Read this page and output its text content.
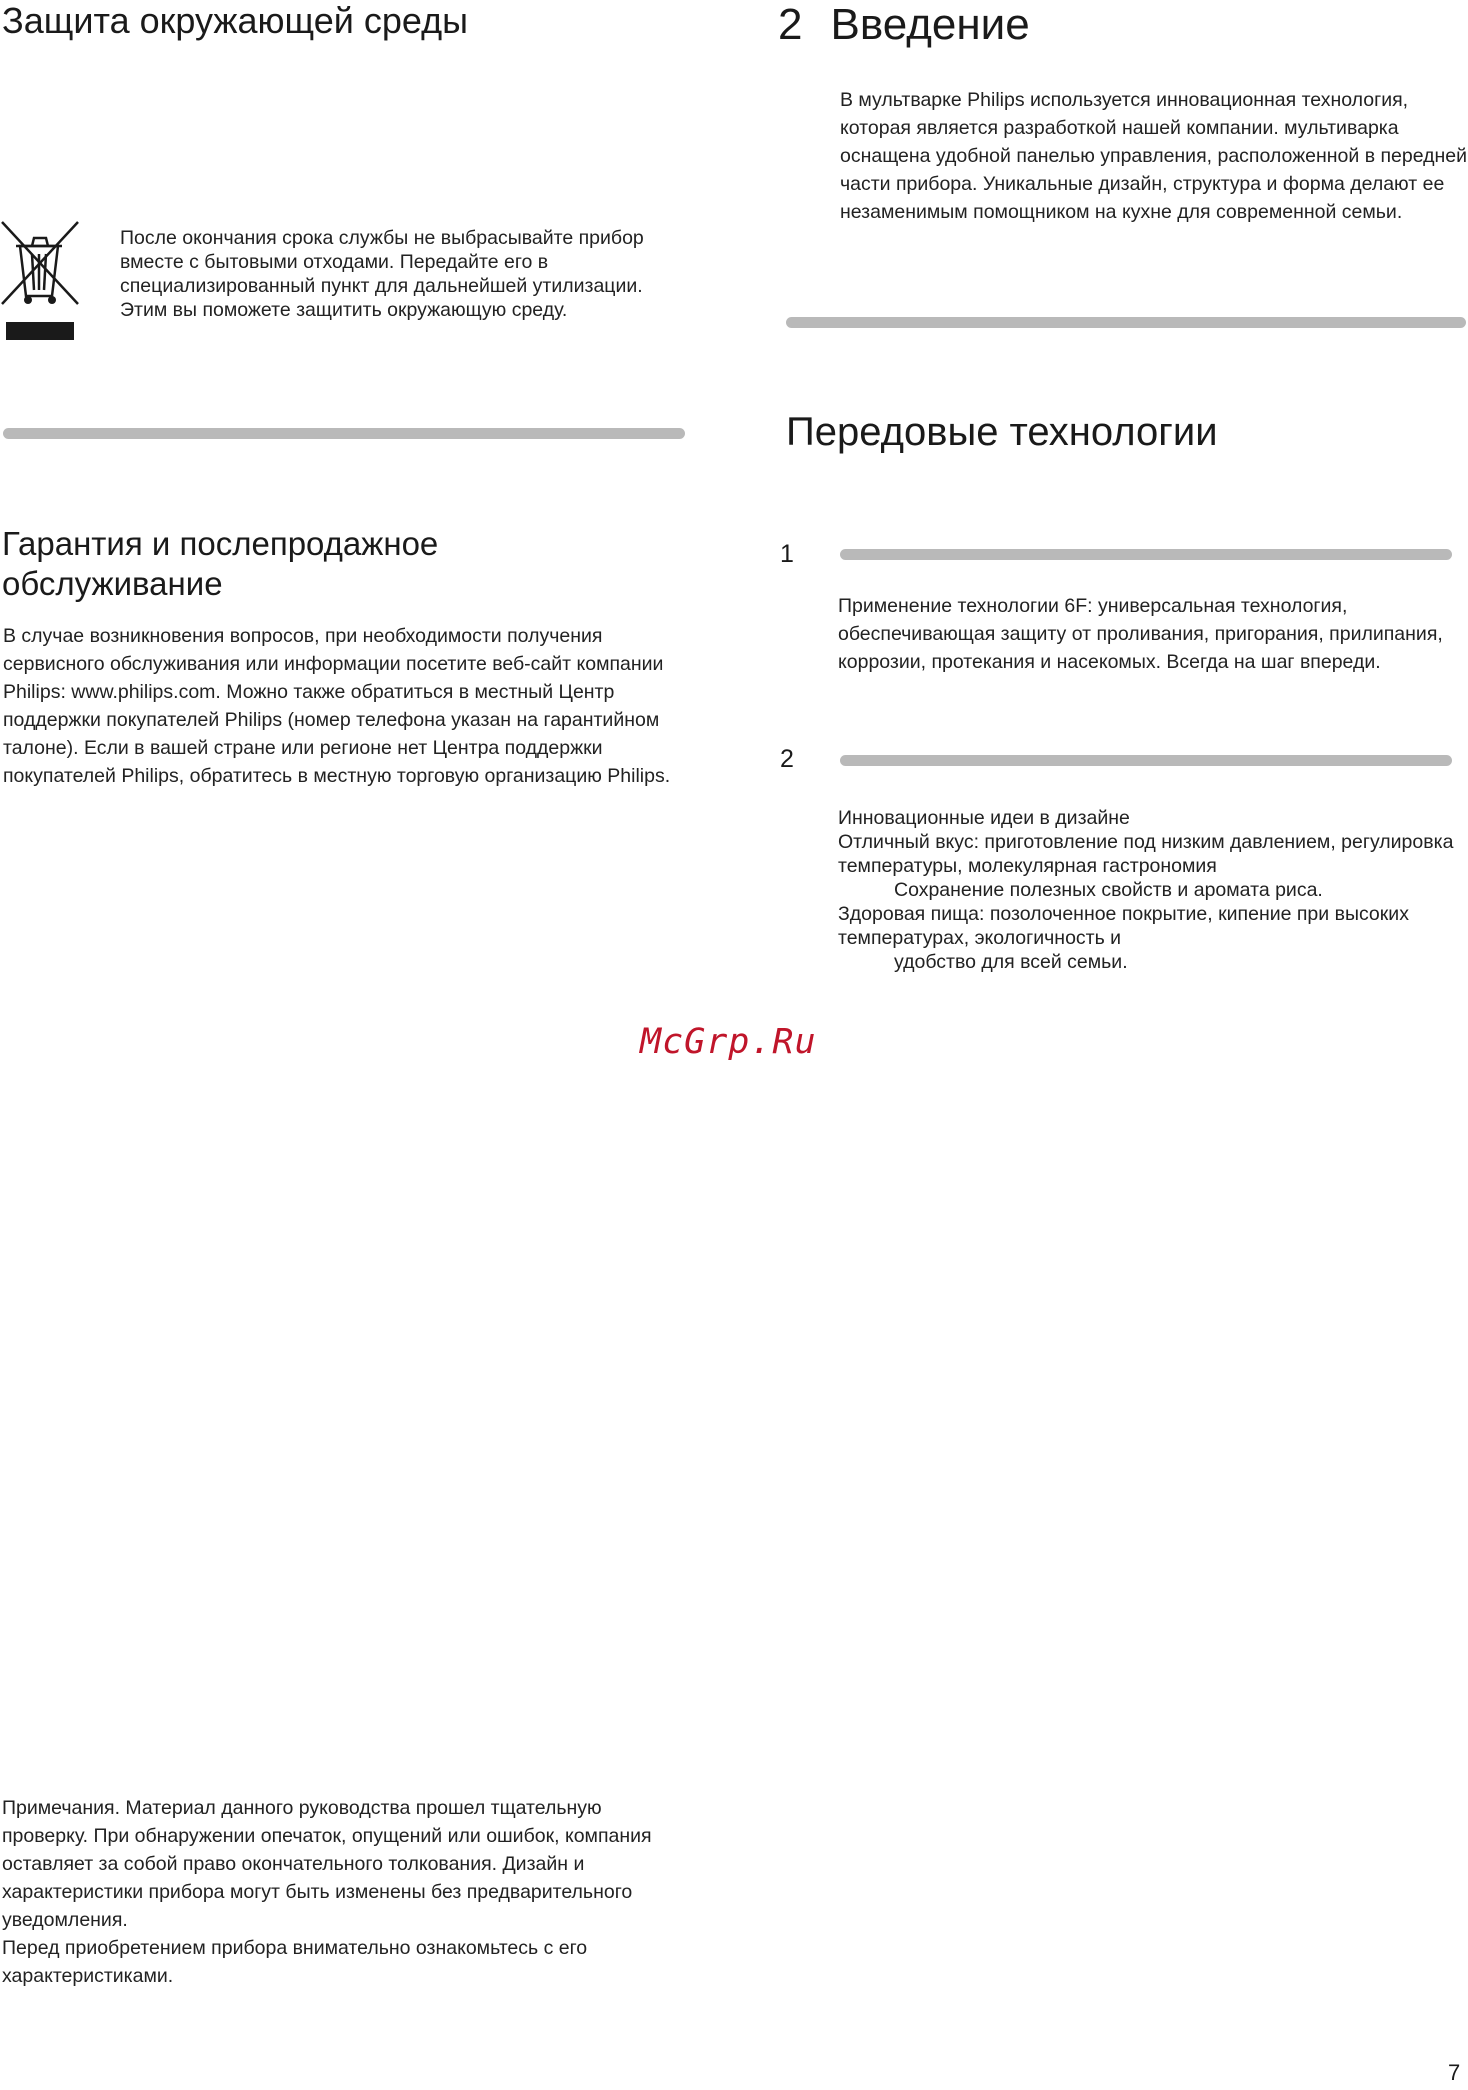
Защита окружающей среды

После окончания срока службы не выбрасывайте прибор вместе с бытовыми отходами. Передайте его в специализированный пункт для дальнейшей утилизации. Этим вы поможете защитить окружающую среду.

Гарантия и послепродажное обслуживание

В случае возникновения вопросов, при необходимости получения сервисного обслуживания или информации посетите веб-сайт компании Philips: www.philips.com. Можно также обратиться в местный Центр поддержки покупателей Philips (номер телефона указан на гарантийном талоне). Если в вашей стране или регионе нет Центра поддержки покупателей Philips, обратитесь в местную торговую организацию Philips.

Примечания. Материал данного руководства прошел тщательную проверку. При обнаружении опечаток, опущений или ошибок, компания оставляет за собой право окончательного толкования. Дизайн и характеристики прибора могут быть изменены без предварительного уведомления.

Перед приобретением прибора внимательно ознакомьтесь с его характеристиками.

2 Введение

В мультварке Philips используется инновационная технология, которая является разработкой нашей компании. мультиварка оснащена удобной панелью управления, расположенной в передней части прибора. Уникальные дизайн, структура и форма делают ее незаменимым помощником на кухне для современной семьи.

Передовые технологии
1

Применение технологии 6F: универсальная технология, обеспечивающая защиту от проливания, пригорания, прилипания, коррозии, протекания и насекомых. Всегда на шаг впереди.

2

Инновационные идеи в дизайне

Отличный вкус: приготовление под низким давлением, регулировка температуры, молекулярная гастрономия

Сохранение полезных свойств и аромата риса.

Здоровая пища: позолоченное покрытие, кипение при высоких температурах, экологичность и

удобство для всей семьи.

McGrp.Ru
7
